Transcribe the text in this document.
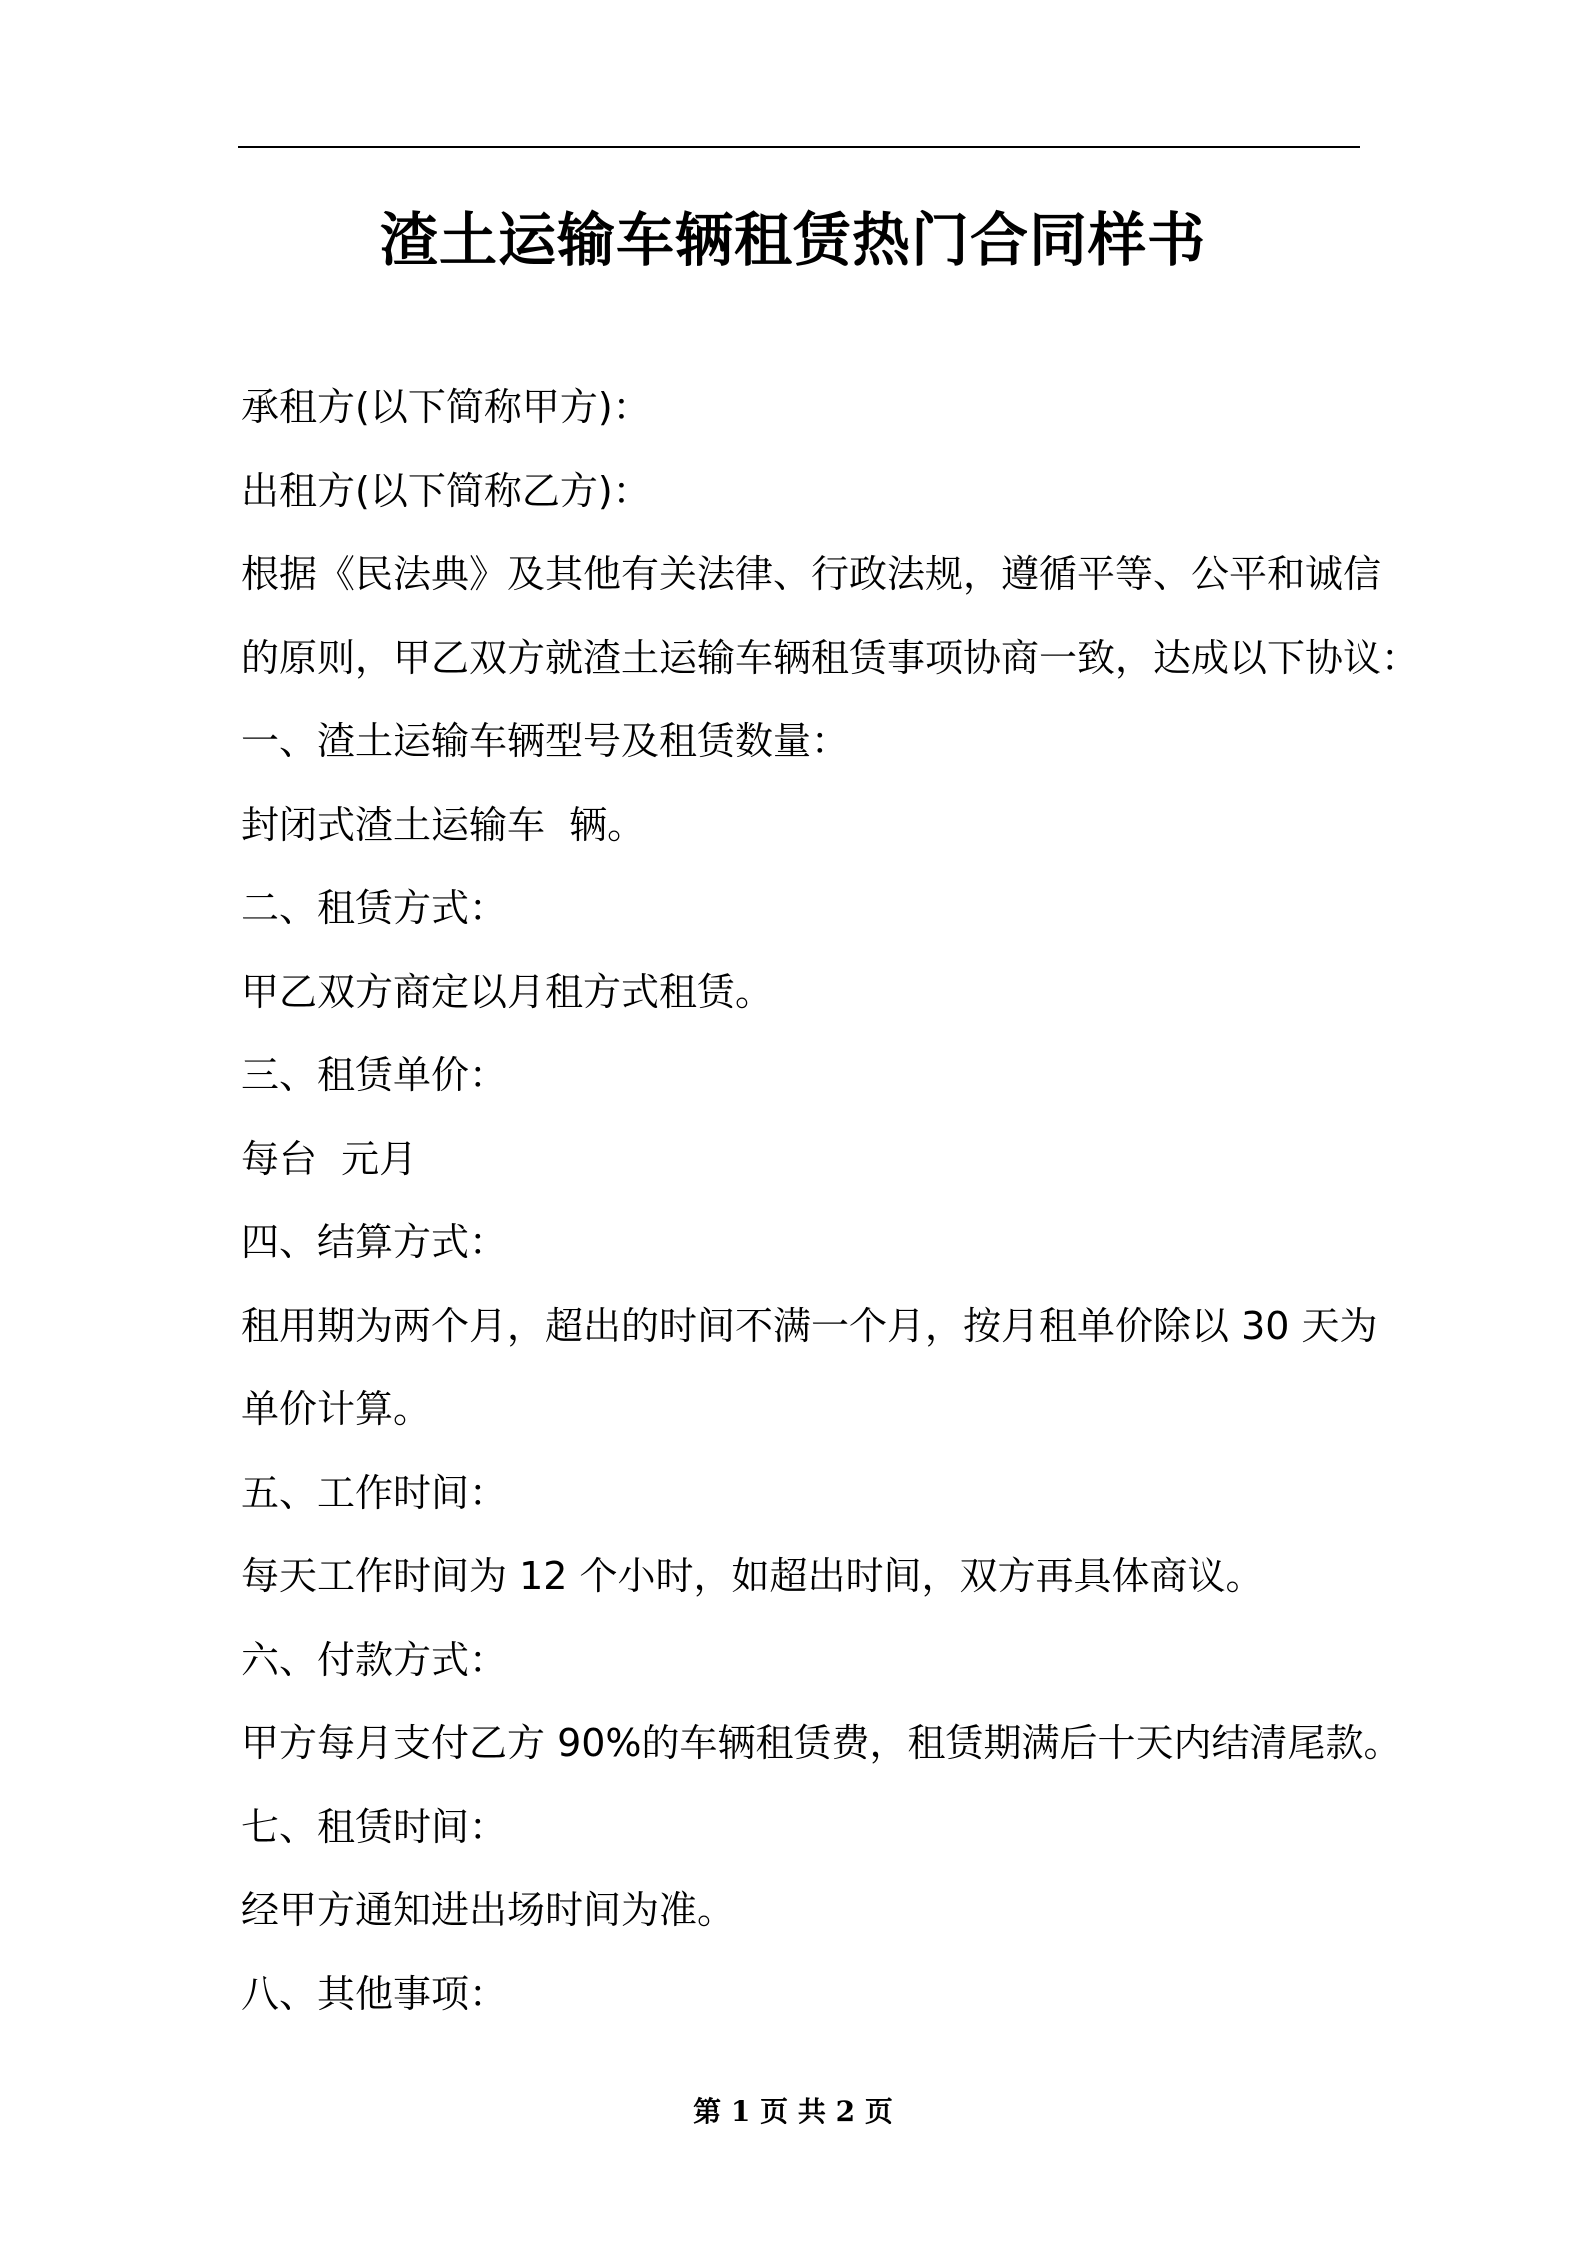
渣土运输车辆租赁热门合同样书
承租方(以下简称甲方)：
出租方(以下简称乙方)：
根据《民法典》及其他有关法律、行政法规，遵循平等、公平和诚信
的原则，甲乙双方就渣土运输车辆租赁事项协商一致，达成以下协议：
一、渣土运输车辆型号及租赁数量：
封闭式渣土运输车  辆。
二、租赁方式：
甲乙双方商定以月租方式租赁。
三、租赁单价：
每台  元月
四、结算方式：
租用期为两个月，超出的时间不满一个月，按月租单价除以 30 天为
单价计算。
五、工作时间：
每天工作时间为 12 个小时，如超出时间，双方再具体商议。
六、付款方式：
甲方每月支付乙方 90%的车辆租赁费，租赁期满后十天内结清尾款。
七、租赁时间：
经甲方通知进出场时间为准。
八、其他事项：
第 1 页 共 2 页
